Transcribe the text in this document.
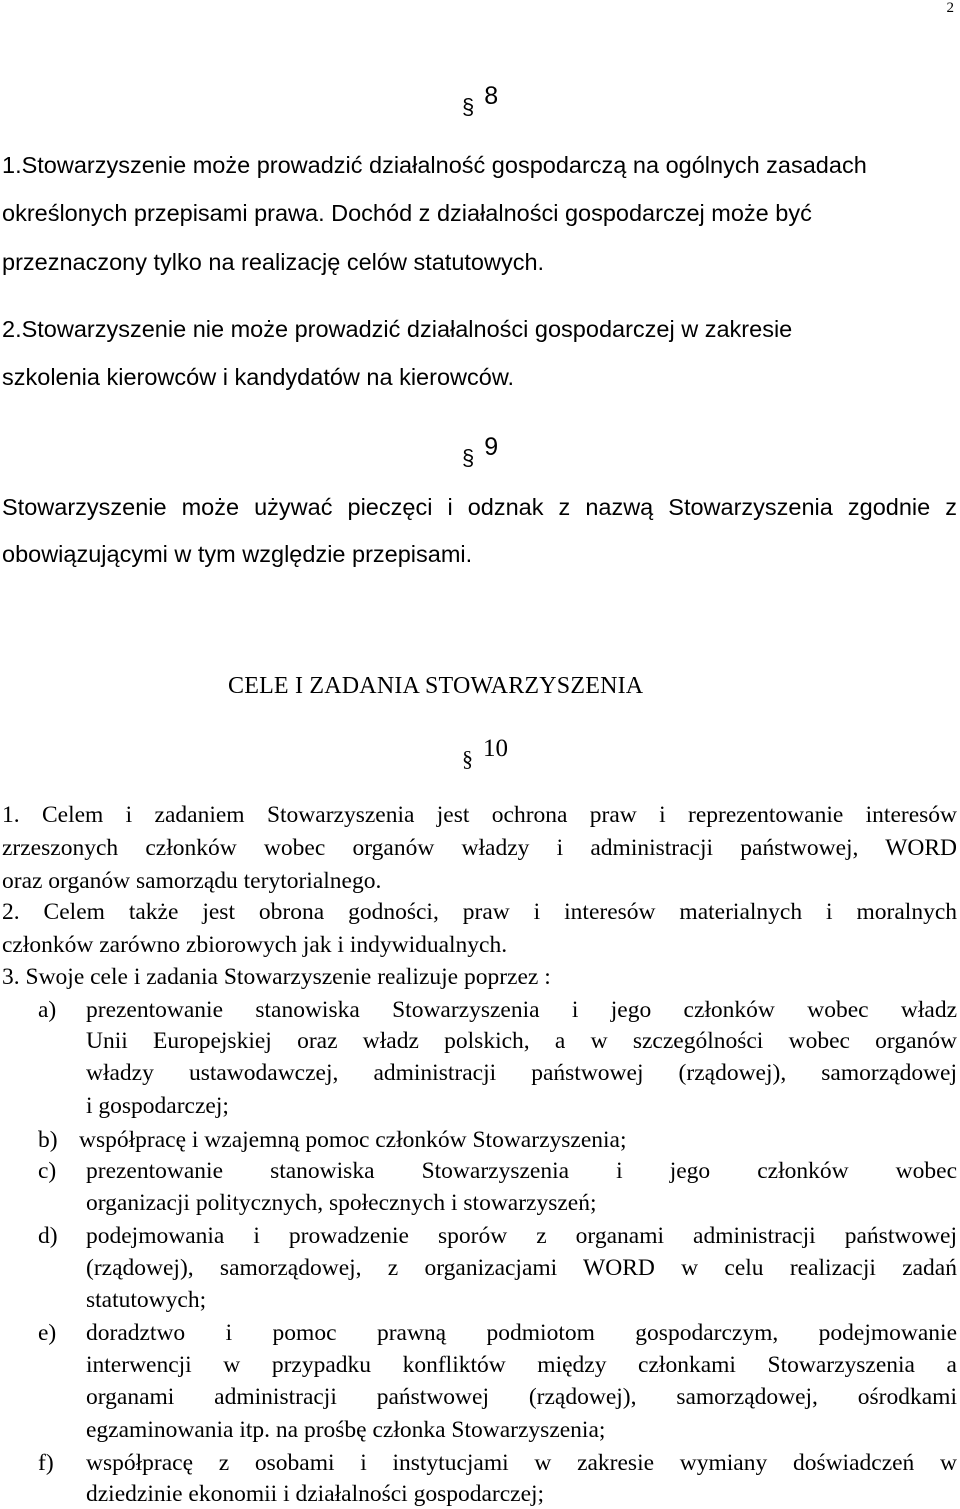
2
§ 8
1.Stowarzyszenie może prowadzić działalność gospodarczą na ogólnych zasadach
określonych przepisami prawa. Dochód z działalności gospodarczej może być
przeznaczony tylko na realizację celów statutowych.
2.Stowarzyszenie nie może prowadzić działalności gospodarczej w zakresie
szkolenia kierowców i kandydatów na kierowców.
§ 9
Stowarzyszenie może używać pieczęci i odznak z nazwą Stowarzyszenia zgodnie z
obowiązującymi w tym względzie przepisami.
CELE I ZADANIA STOWARZYSZENIA
§ 10
1. Celem i zadaniem Stowarzyszenia jest ochrona praw i reprezentowanie interesów
zrzeszonych członków wobec organów władzy i administracji państwowej, WORD
oraz organów samorządu terytorialnego.
2. Celem także jest obrona godności, praw i interesów materialnych i moralnych
członków zarówno zbiorowych jak i indywidualnych.
3. Swoje cele i zadania Stowarzyszenie realizuje poprzez :
a) prezentowanie stanowiska Stowarzyszenia i jego członków wobec władz
Unii Europejskiej oraz władz polskich, a w szczególności wobec organów
władzy ustawodawczej, administracji państwowej (rządowej), samorządowej
i gospodarczej;
b) współpracę i wzajemną pomoc członków Stowarzyszenia;
c) prezentowanie stanowiska Stowarzyszenia i jego członków wobec
organizacji politycznych, społecznych i stowarzyszeń;
d) podejmowania i prowadzenie sporów z organami administracji państwowej
(rządowej), samorządowej, z organizacjami WORD w celu realizacji zadań
statutowych;
e) doradztwo i pomoc prawną podmiotom gospodarczym, podejmowanie
interwencji w przypadku konfliktów między członkami Stowarzyszenia a
organami administracji państwowej (rządowej), samorządowej, ośrodkami
egzaminowania itp. na prośbę członka Stowarzyszenia;
f) współpracę z osobami i instytucjami w zakresie wymiany doświadczeń w
dziedzinie ekonomii i działalności gospodarczej;
